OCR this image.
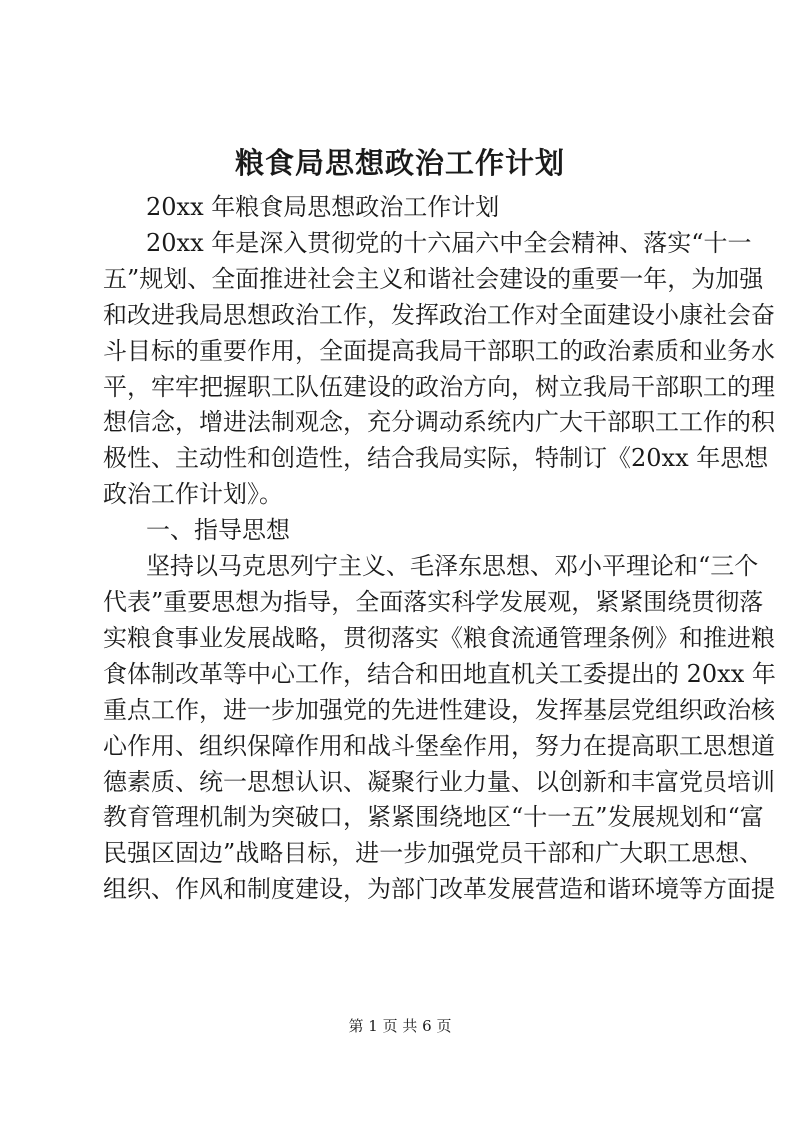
粮食局思想政治工作计划

20xx 年粮食局思想政治工作计划

20xx 年是深入贯彻党的十六届六中全会精神、落实“十一
五”规划、全面推进社会主义和谐社会建设的重要一年，为加强
和改进我局思想政治工作，发挥政治工作对全面建设小康社会奋
斗目标的重要作用，全面提高我局干部职工的政治素质和业务水
平，牢牢把握职工队伍建设的政治方向，树立我局干部职工的理
想信念，增进法制观念，充分调动系统内广大干部职工工作的积
极性、主动性和创造性，结合我局实际，特制订《20xx 年思想
政治工作计划》。

一、指导思想

坚持以马克思列宁主义、毛泽东思想、邓小平理论和“三个
代表”重要思想为指导，全面落实科学发展观，紧紧围绕贯彻落
实粮食事业发展战略，贯彻落实《粮食流通管理条例》和推进粮
食体制改革等中心工作，结合和田地直机关工委提出的 20xx 年
重点工作，进一步加强党的先进性建设，发挥基层党组织政治核
心作用、组织保障作用和战斗堡垒作用，努力在提高职工思想道
德素质、统一思想认识、凝聚行业力量、以创新和丰富党员培训
教育管理机制为突破口，紧紧围绕地区“十一五”发展规划和“富
民强区固边”战略目标，进一步加强党员干部和广大职工思想、
组织、作风和制度建设，为部门改革发展营造和谐环境等方面提

第 1 页 共 6 页
